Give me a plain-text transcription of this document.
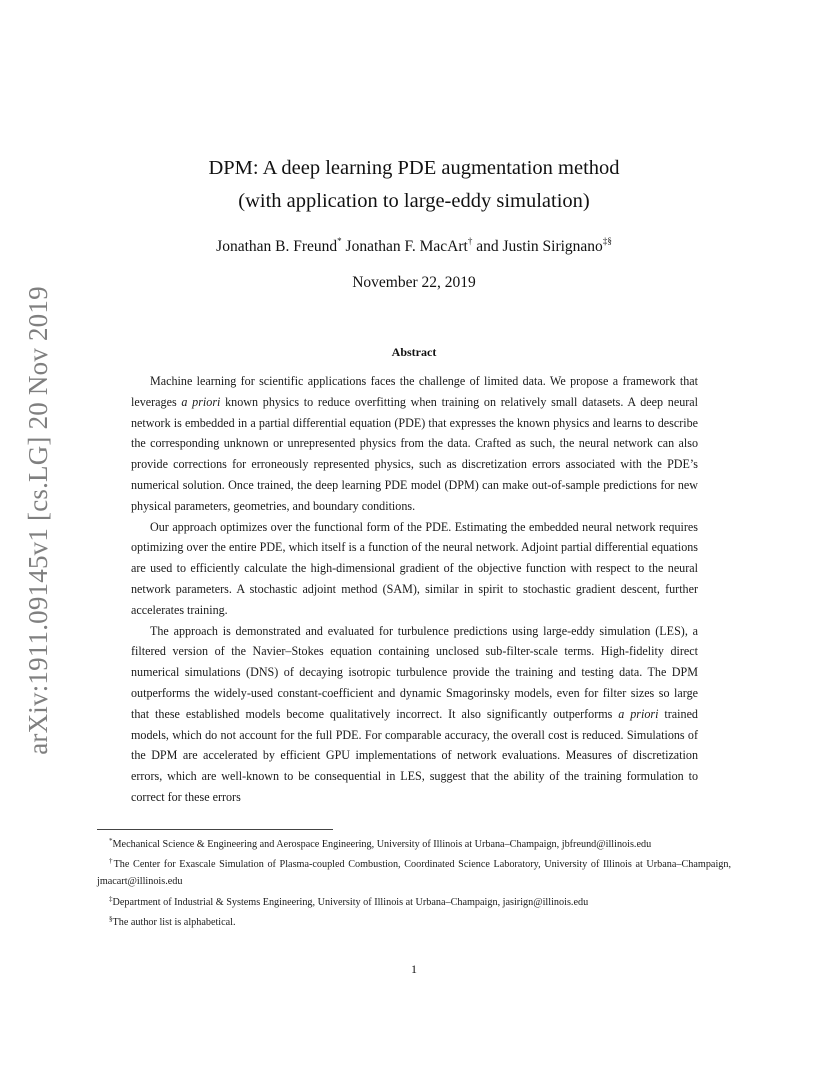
arXiv:1911.09145v1 [cs.LG] 20 Nov 2019
DPM: A deep learning PDE augmentation method
(with application to large-eddy simulation)
Jonathan B. Freund* Jonathan F. MacArt† and Justin Sirignano‡§
November 22, 2019
Abstract

Machine learning for scientific applications faces the challenge of limited data. We propose a framework that leverages a priori known physics to reduce overfitting when training on relatively small datasets. A deep neural network is embedded in a partial differential equation (PDE) that expresses the known physics and learns to describe the corresponding unknown or unrepresented physics from the data. Crafted as such, the neural network can also provide corrections for erroneously represented physics, such as discretization errors associated with the PDE’s numerical solution. Once trained, the deep learning PDE model (DPM) can make out-of-sample predictions for new physical parameters, geometries, and boundary conditions.

Our approach optimizes over the functional form of the PDE. Estimating the embedded neural network requires optimizing over the entire PDE, which itself is a function of the neural network. Adjoint partial differential equations are used to efficiently calculate the high-dimensional gradient of the objective function with respect to the neural network parameters. A stochastic adjoint method (SAM), similar in spirit to stochastic gradient descent, further accelerates training.

The approach is demonstrated and evaluated for turbulence predictions using large-eddy simulation (LES), a filtered version of the Navier–Stokes equation containing unclosed sub-filter-scale terms. High-fidelity direct numerical simulations (DNS) of decaying isotropic turbulence provide the training and testing data. The DPM outperforms the widely-used constant-coefficient and dynamic Smagorinsky models, even for filter sizes so large that these established models become qualitatively incorrect. It also significantly outperforms a priori trained models, which do not account for the full PDE. For comparable accuracy, the overall cost is reduced. Simulations of the DPM are accelerated by efficient GPU implementations of network evaluations. Measures of discretization errors, which are well-known to be consequential in LES, suggest that the ability of the training formulation to correct for these errors

*Mechanical Science & Engineering and Aerospace Engineering, University of Illinois at Urbana–Champaign, jbfreund@illinois.edu

†The Center for Exascale Simulation of Plasma-coupled Combustion, Coordinated Science Laboratory, University of Illinois at Urbana–Champaign, jmacart@illinois.edu

‡Department of Industrial & Systems Engineering, University of Illinois at Urbana–Champaign, jasirign@illinois.edu

§The author list is alphabetical.

1
